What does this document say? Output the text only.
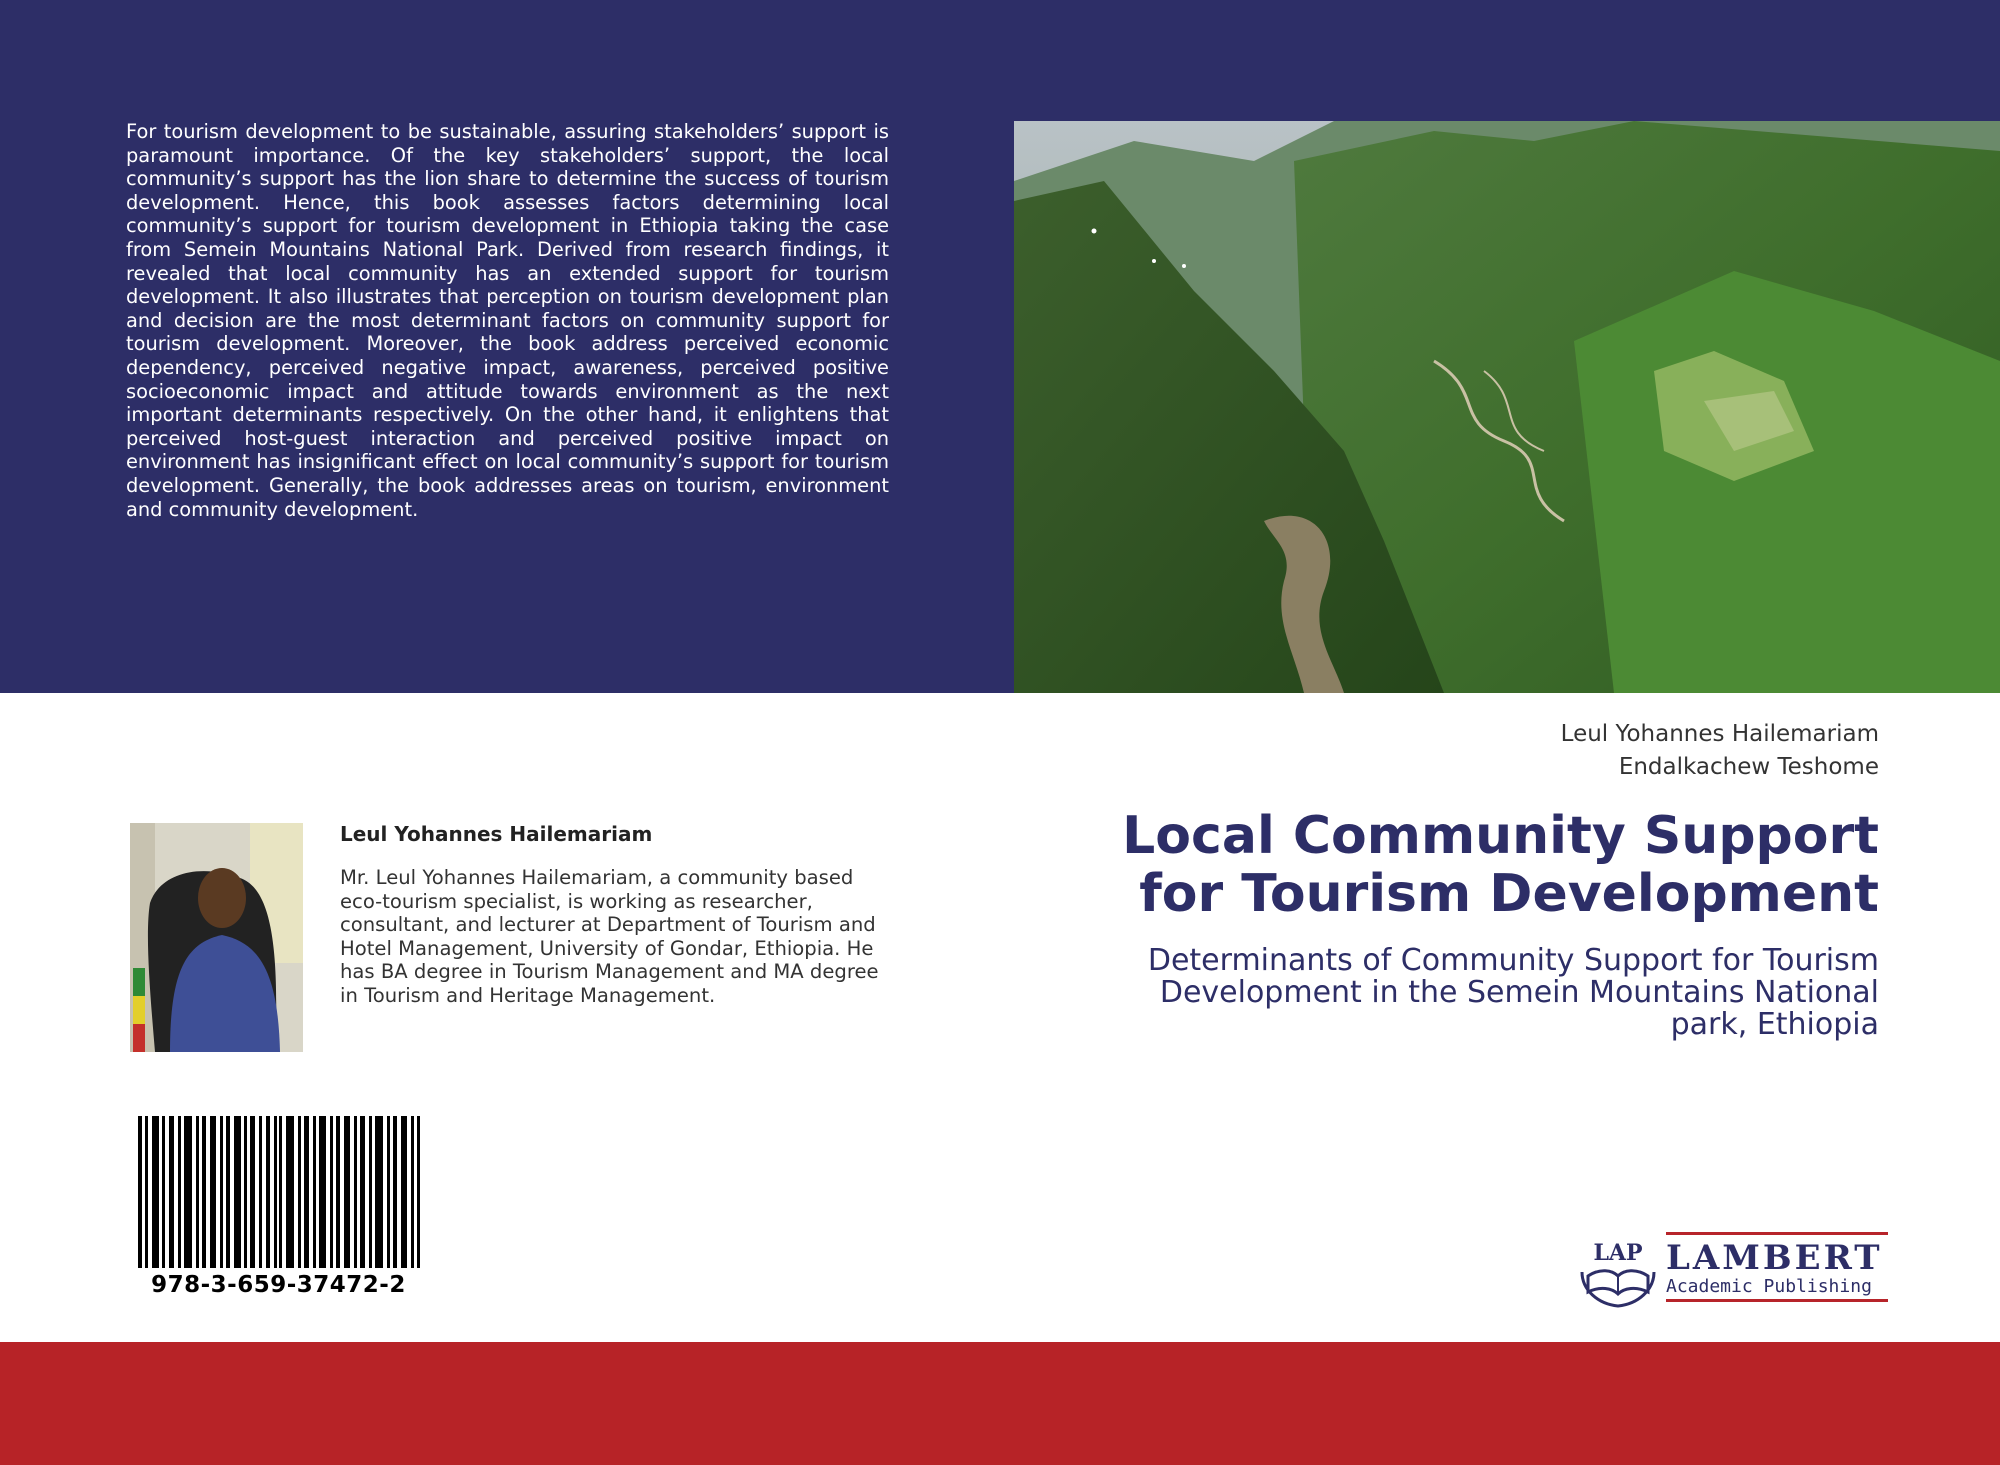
For tourism development to be sustainable, assuring stakeholders’ support is paramount importance. Of the key stakeholders’ support, the local community’s support has the lion share to determine the success of tourism development. Hence, this book assesses factors determining local community’s support for tourism development in Ethiopia taking the case from Semein Mountains National Park. Derived from research findings, it revealed that local community has an extended support for tourism development. It also illustrates that perception on tourism development plan and decision are the most determinant factors on community support for tourism development. Moreover, the book address perceived economic dependency, perceived negative impact, awareness, perceived positive socioeconomic impact and attitude towards environment as the next important determinants respectively. On the other hand, it enlightens that perceived host-guest interaction and perceived positive impact on environment has insignificant effect on local community’s support for tourism development. Generally, the book addresses areas on tourism, environment and community development.

Leul Yohannes Hailemariam
Endalkachew Teshome
Local Community Support for Tourism Development

Determinants of Community Support for Tourism Development in the Semein Mountains National park, Ethiopia

Leul Yohannes Hailemariam

Mr. Leul Yohannes Hailemariam, a community based eco-tourism specialist, is working as researcher, consultant, and lecturer at Department of Tourism and Hotel Management, University of Gondar, Ethiopia. He has BA degree in Tourism Management and MA degree in Tourism and Heritage Management.

978-3-659-37472-2

LAP LAMBERT

Academic Publishing
